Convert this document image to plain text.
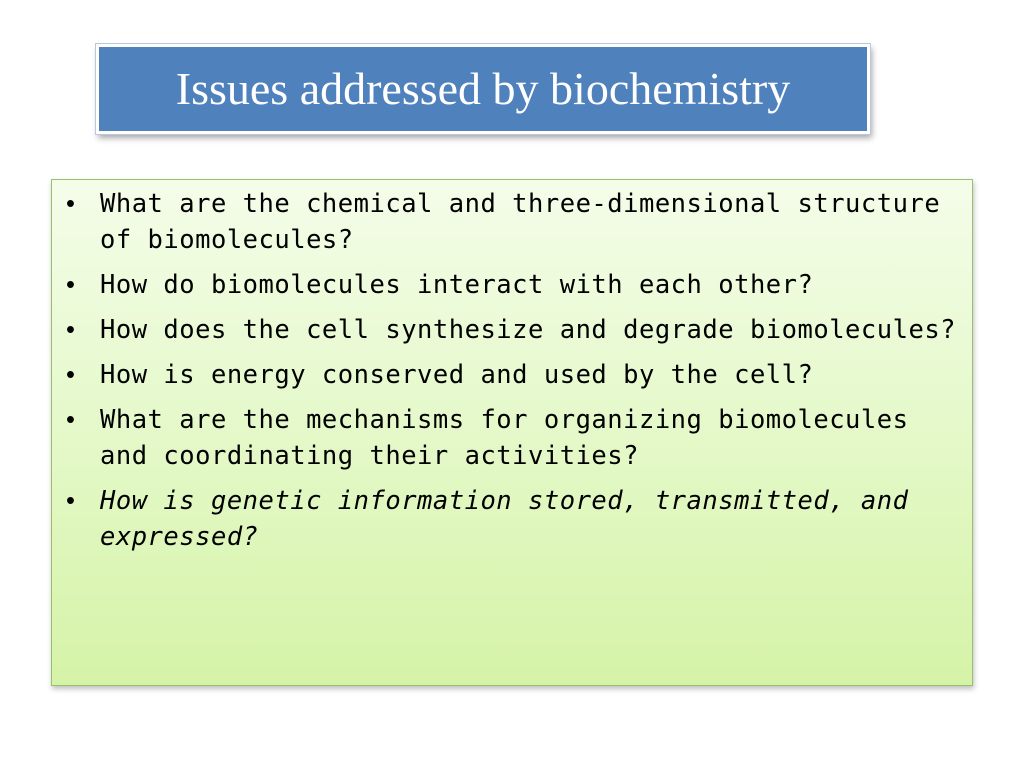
Issues addressed by biochemistry
• What are the chemical and three-dimensional structure of biomolecules?
• How do biomolecules interact with each other?
• How does the cell synthesize and degrade biomolecules?
• How is energy conserved and used by the cell?
• What are the mechanisms for organizing biomolecules and coordinating their activities?
• How is genetic information stored, transmitted, and expressed?
